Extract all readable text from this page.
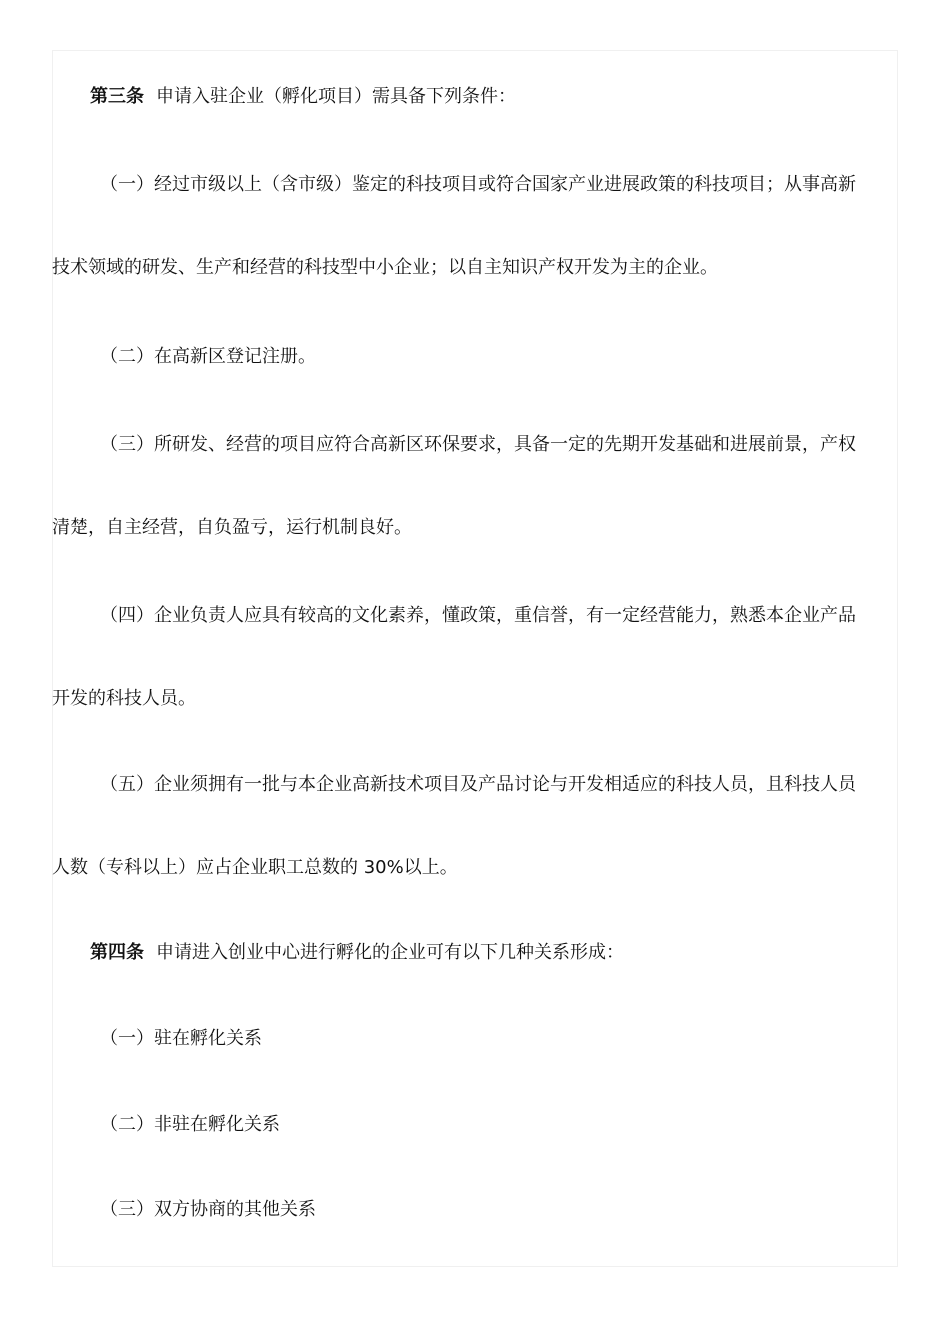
第三条 申请入驻企业（孵化项目）需具备下列条件：
（一）经过市级以上（含市级）鉴定的科技项目或符合国家产业进展政策的科技项目；从事高新
技术领域的研发、生产和经营的科技型中小企业；以自主知识产权开发为主的企业。
（二）在高新区登记注册。
（三）所研发、经营的项目应符合高新区环保要求，具备一定的先期开发基础和进展前景，产权
清楚，自主经营，自负盈亏，运行机制良好。
（四）企业负责人应具有较高的文化素养，懂政策，重信誉，有一定经营能力，熟悉本企业产品
开发的科技人员。
（五）企业须拥有一批与本企业高新技术项目及产品讨论与开发相适应的科技人员，且科技人员
人数（专科以上）应占企业职工总数的 30%以上。
第四条 申请进入创业中心进行孵化的企业可有以下几种关系形成：
（一）驻在孵化关系
（二）非驻在孵化关系
（三）双方协商的其他关系
